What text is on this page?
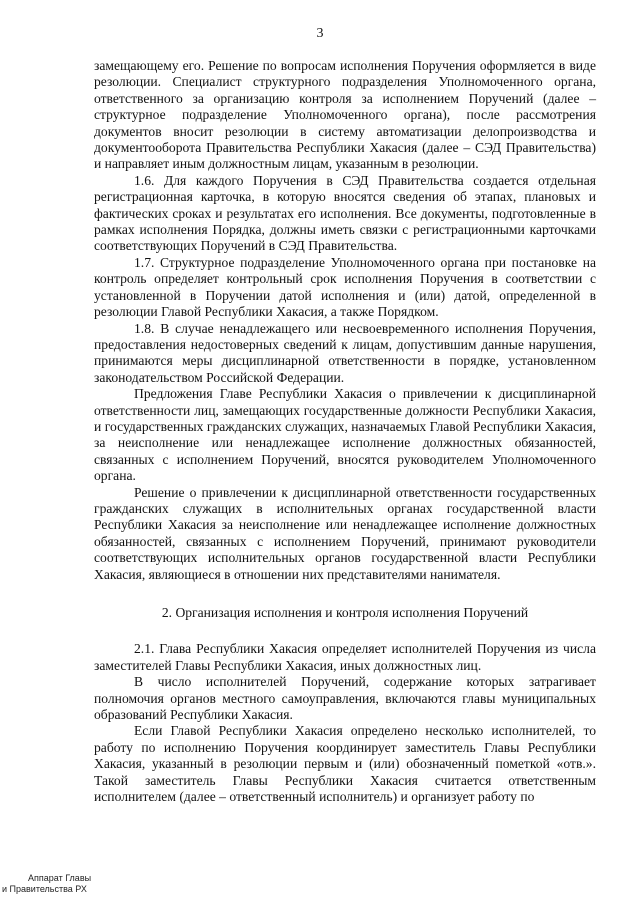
3

замещающему его. Решение по вопросам исполнения Поручения оформляется в виде резолюции. Специалист структурного подразделения Уполномоченного органа, ответственного за организацию контроля за исполнением Поручений (далее – структурное подразделение Уполномоченного органа), после рассмотрения документов вносит резолюции в систему автоматизации делопроизводства и документооборота Правительства Республики Хакасия (далее – СЭД Правительства) и направляет иным должностным лицам, указанным в резолюции.

1.6. Для каждого Поручения в СЭД Правительства создается отдельная регистрационная карточка, в которую вносятся сведения об этапах, плановых и фактических сроках и результатах его исполнения. Все документы, подготовленные в рамках исполнения Порядка, должны иметь связки с регистрационными карточками соответствующих Поручений в СЭД Правительства.

1.7. Структурное подразделение Уполномоченного органа при постановке на контроль определяет контрольный срок исполнения Поручения в соответствии с установленной в Поручении датой исполнения и (или) датой, определенной в резолюции Главой Республики Хакасия, а также Порядком.

1.8. В случае ненадлежащего или несвоевременного исполнения Поручения, предоставления недостоверных сведений к лицам, допустившим данные нарушения, принимаются меры дисциплинарной ответственности в порядке, установленном законодательством Российской Федерации.

Предложения Главе Республики Хакасия о привлечении к дисциплинарной ответственности лиц, замещающих государственные должности Республики Хакасия, и государственных гражданских служащих, назначаемых Главой Республики Хакасия, за неисполнение или ненадлежащее исполнение должностных обязанностей, связанных с исполнением Поручений, вносятся руководителем Уполномоченного органа.

Решение о привлечении к дисциплинарной ответственности государственных гражданских служащих в исполнительных органах государственной власти Республики Хакасия за неисполнение или ненадлежащее исполнение должностных обязанностей, связанных с исполнением Поручений, принимают руководители соответствующих исполнительных органов государственной власти Республики Хакасия, являющиеся в отношении них представителями нанимателя.

2. Организация исполнения и контроля исполнения Поручений

2.1. Глава Республики Хакасия определяет исполнителей Поручения из числа заместителей Главы Республики Хакасия, иных должностных лиц.

В число исполнителей Поручений, содержание которых затрагивает полномочия органов местного самоуправления, включаются главы муниципальных образований Республики Хакасия.

Если Главой Республики Хакасия определено несколько исполнителей, то работу по исполнению Поручения координирует заместитель Главы Республики Хакасия, указанный в резолюции первым и (или) обозначенный пометкой «отв.». Такой заместитель Главы Республики Хакасия считается ответственным исполнителем (далее – ответственный исполнитель) и организует работу по

Аппарат Главы
и Правительства РХ
